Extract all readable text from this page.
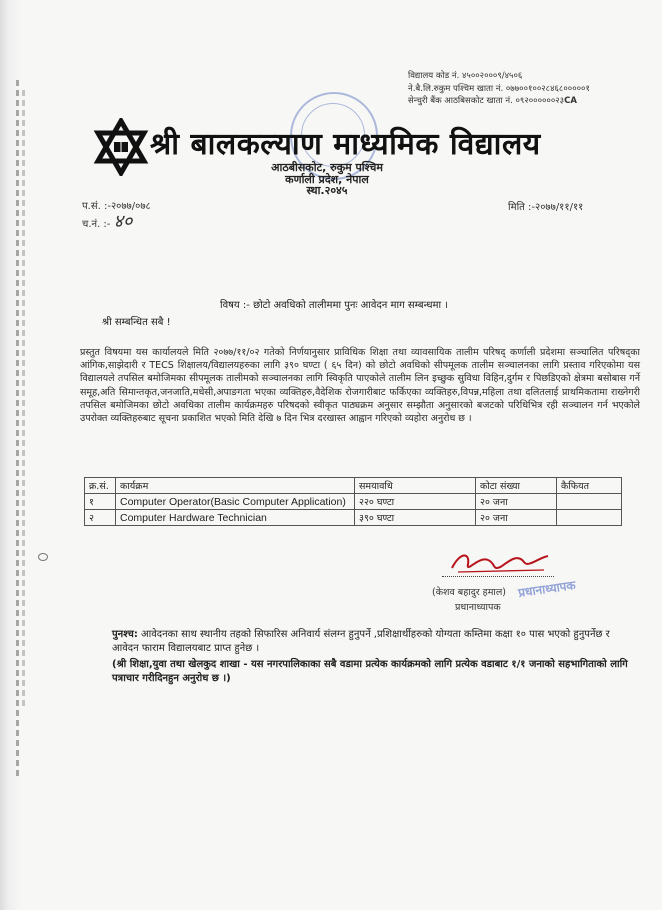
विद्यालय कोड नं. ४५००२०००९/४५०६
ने.बै.लि.रुकुम पश्चिम खाता नं. ०७७००१००२८४६८०००००१
सेन्चुरी बैंक आठबिसकोट खाता नं. ०९२००००००२३CA
श्री बालकल्याण माध्यमिक विद्यालय
आठबीसकोट, रुकुम पश्चिम
कर्णाली प्रदेश, नेपाल
स्था.२०४५
प.सं. :-२०७७/०७८
च.नं. :- ४०
मिति :-२०७७/११/११
विषय :- छोटो अवधिको तालीममा पुनः आवेदन माग सम्बन्धमा ।
श्री सम्बन्धित सबै !
प्रस्तुत विषयमा यस कार्यालयले मिति २०७७/११/०२ गतेको निर्णयानुसार प्राविधिक शिक्षा तथा व्यावसायिक तालीम परिषद् कर्णाली प्रदेशमा सञ्चालित परिषद्का आंगिक,साझेदारी र TECS शिक्षालय/विद्यालयहरुका लागि ३९० घण्टा ( ६५ दिन) को छोटो अवधिको सीपमूलक तालीम सञ्चालनका लागि प्रस्ताव गरिएकोमा यस विद्यालयले तपसिल बमोजिमका सीपमूलक तालीमको सञ्चालनका लागि स्विकृति पाएकोले तालीम लिन इच्छुक सुविधा विहिन,दुर्गम र पिछडिएको क्षेत्रमा बसोबास गर्ने समूह,अति सिमान्तकृत,जनजाति,मधेसी,अपाङगता भएका व्यक्तिहरु,वैदेशिक रोजगारीबाट फर्किएका व्यक्तिहरु,विपन्न,महिला तथा दलितलाई प्राथमिकतामा राख्नेगरी तपसिल बमोजिमका छोटो अवधिका तालीम कार्यक्रमहरु परिषदको स्वीकृत पाठ्यक्रम अनुसार सम्झौता अनुसारको बजटको परिधिभित्र रही सञ्चालन गर्न भएकोले उपरोक्त व्यक्तिहरुबाट सूचना प्रकाशित भएको मिति देखि ७ दिन भित्र दरखास्त आह्वान गरिएको व्यहोरा अनुरोध छ ।
क्र.सं.	कार्यक्रम	समयावधि	कोटा संख्या	कैफियत
१	Computer Operator(Basic Computer Application)	२२० घण्टा	२० जना	
२	Computer Hardware Technician	३९० घण्टा	२० जना	
(केशव बहादुर हमाल)
प्रधानाध्यापक
प्रधानाध्यापक
पुनश्च: आवेदनका साथ स्थानीय तहको सिफारिस अनिवार्य संलग्न हुनुपर्ने ,प्रशिक्षार्थीहरुको योग्यता कम्तिमा कक्षा १० पास भएको हुनुपर्नेछ र आवेदन फाराम विद्यालयबाट प्राप्त हुनेछ ।
(श्री शिक्षा,युवा तथा खेलकुद शाखा - यस नगरपालिकाका सबै वडामा प्रत्येक कार्यक्रमको लागि प्रत्येक वडाबाट १/१ जनाको सहभागिताको लागि पत्राचार गरीदिनहुन अनुरोध छ ।)
